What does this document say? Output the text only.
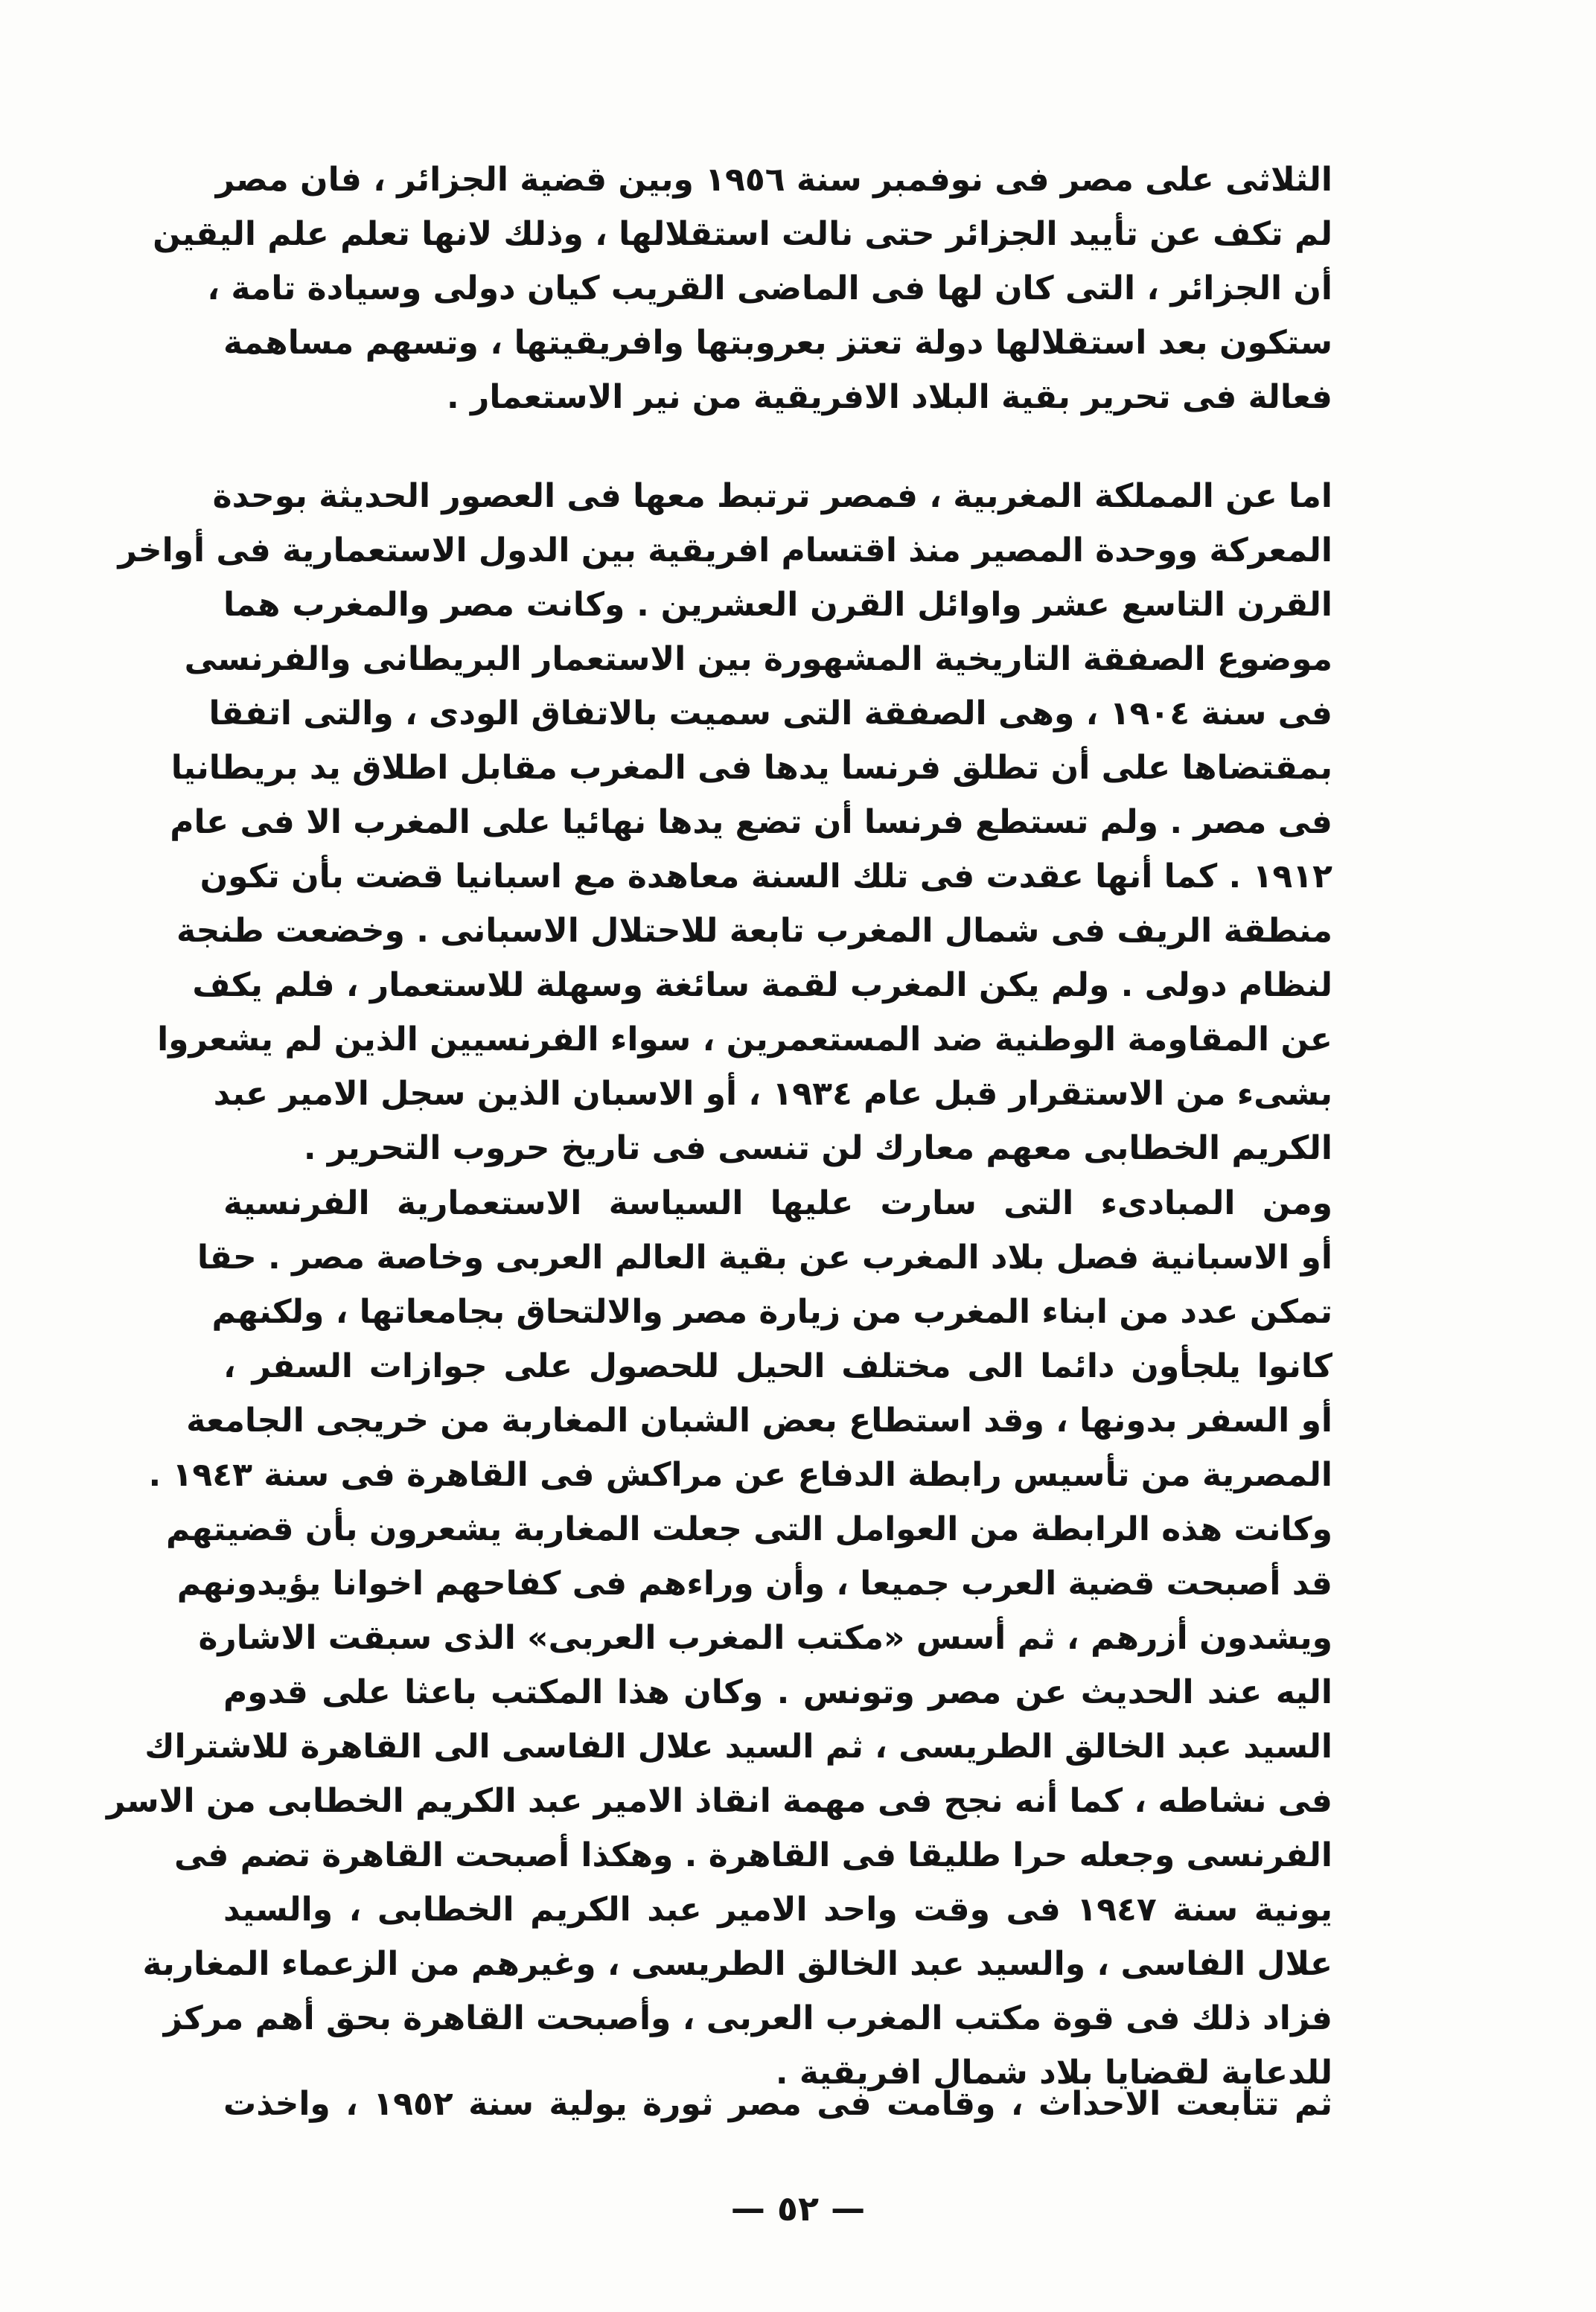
الثلاثى على مصر فى نوفمبر سنة ١٩٥٦ وبين قضية الجزائر ، فان مصر
لم تكف عن تأييد الجزائر حتى نالت استقلالها ، وذلك لانها تعلم علم اليقين
أن الجزائر ، التى كان لها فى الماضى القريب كيان دولى وسيادة تامة ،
ستكون بعد استقلالها دولة تعتز بعروبتها وافريقيتها ، وتسهم مساهمة
فعالة فى تحرير بقية البلاد الافريقية من نير الاستعمار .
اما عن المملكة المغربية ، فمصر ترتبط معها فى العصور الحديثة بوحدة
المعركة ووحدة المصير منذ اقتسام افريقية بين الدول الاستعمارية فى أواخر
القرن التاسع عشر واوائل القرن العشرين . وكانت مصر والمغرب هما
موضوع الصفقة التاريخية المشهورة بين الاستعمار البريطانى والفرنسى
فى سنة ١٩٠٤ ، وهى الصفقة التى سميت بالاتفاق الودى ، والتى اتفقا
بمقتضاها على أن تطلق فرنسا يدها فى المغرب مقابل اطلاق يد بريطانيا
فى مصر . ولم تستطع فرنسا أن تضع يدها نهائيا على المغرب الا فى عام
١٩١٢ . كما أنها عقدت فى تلك السنة معاهدة مع اسبانيا قضت بأن تكون
منطقة الريف فى شمال المغرب تابعة للاحتلال الاسبانى . وخضعت طنجة
لنظام دولى . ولم يكن المغرب لقمة سائغة وسهلة للاستعمار ، فلم يكف
عن المقاومة الوطنية ضد المستعمرين ، سواء الفرنسيين الذين لم يشعروا
بشىء من الاستقرار قبل عام ١٩٣٤ ، أو الاسبان الذين سجل الامير عبد
الكريم الخطابى معهم معارك لن تنسى فى تاريخ حروب التحرير .
ومن المبادىء التى سارت عليها السياسة الاستعمارية الفرنسية
أو الاسبانية فصل بلاد المغرب عن بقية العالم العربى وخاصة مصر . حقا
تمكن عدد من ابناء المغرب من زيارة مصر والالتحاق بجامعاتها ، ولكنهم
كانوا يلجأون دائما الى مختلف الحيل للحصول على جوازات السفر ،
أو السفر بدونها ، وقد استطاع بعض الشبان المغاربة من خريجى الجامعة
المصرية من تأسيس رابطة الدفاع عن مراكش فى القاهرة فى سنة ١٩٤٣ .
وكانت هذه الرابطة من العوامل التى جعلت المغاربة يشعرون بأن قضيتهم
قد أصبحت قضية العرب جميعا ، وأن وراءهم فى كفاحهم اخوانا يؤيدونهم
ويشدون أزرهم ، ثم أسس «مكتب المغرب العربى» الذى سبقت الاشارة
اليه عند الحديث عن مصر وتونس . وكان هذا المكتب باعثا على قدوم
السيد عبد الخالق الطريسى ، ثم السيد علال الفاسى الى القاهرة للاشتراك
فى نشاطه ، كما أنه نجح فى مهمة انقاذ الامير عبد الكريم الخطابى من الاسر
الفرنسى وجعله حرا طليقا فى القاهرة . وهكذا أصبحت القاهرة تضم فى
يونية سنة ١٩٤٧ فى وقت واحد الامير عبد الكريم الخطابى ، والسيد
علال الفاسى ، والسيد عبد الخالق الطريسى ، وغيرهم من الزعماء المغاربة
فزاد ذلك فى قوة مكتب المغرب العربى ، وأصبحت القاهرة بحق أهم مركز
للدعاية لقضايا بلاد شمال افريقية .
ثم تتابعت الاحداث ، وقامت فى مصر ثورة يولية سنة ١٩٥٢ ، واخذت
— ٥٢ —
